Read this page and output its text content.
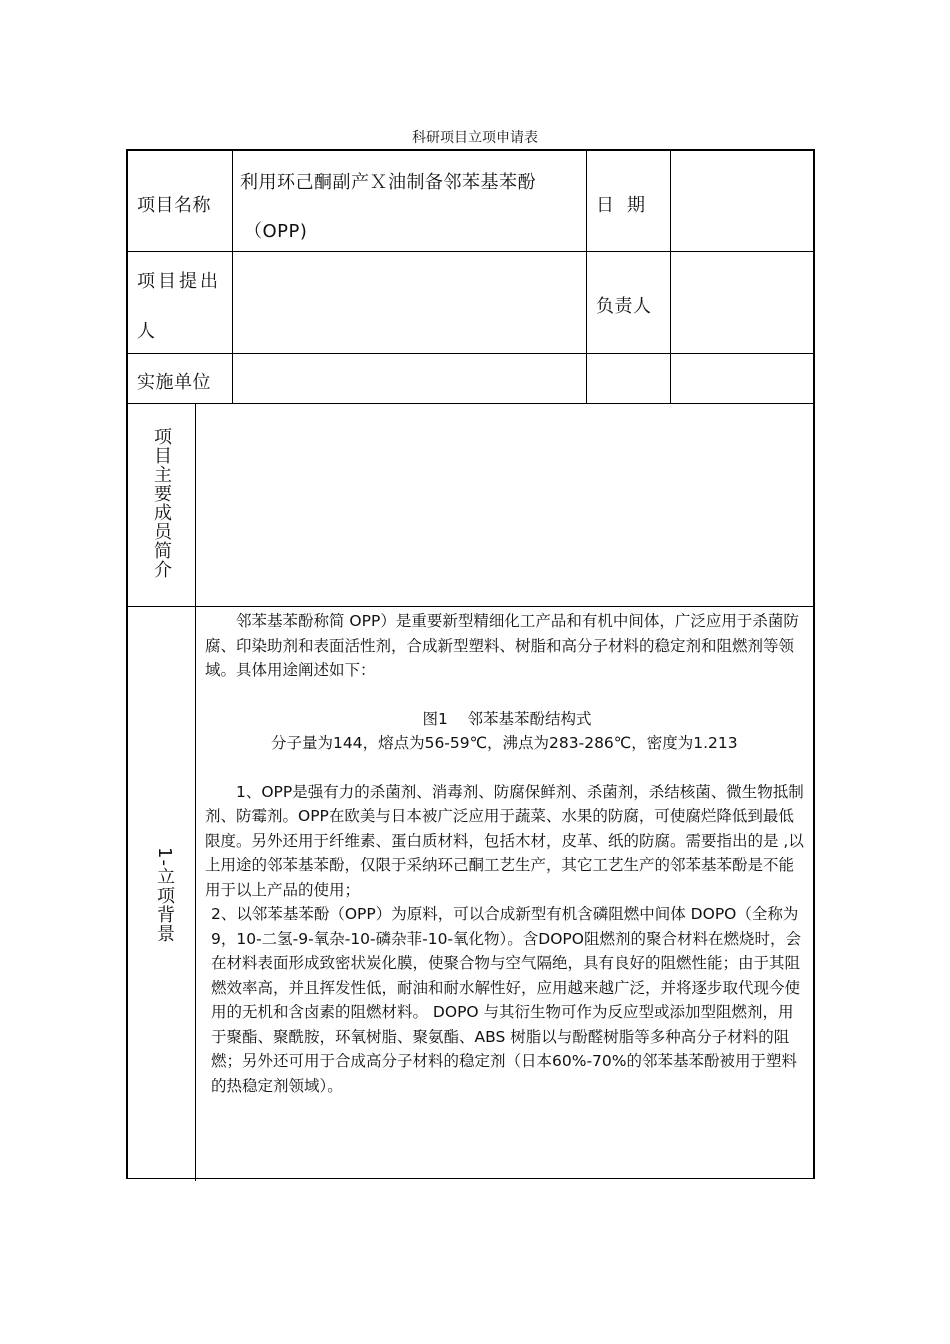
科研项目立项申请表
项目名称
利用环己酮副产Ｘ油制备邻苯基苯酚
（OPP)
日  期
项目提出
人
负责人
实施单位
项目主要成员简介
1-立项背景

邻苯基苯酚称简 OPP）是重要新型精细化工产品和有机中间体，广泛应用于杀菌防腐、印染助剂和表面活性剂，合成新型塑料、树脂和高分子材料的稳定剂和阻燃剂等领域。具体用途阐述如下：

图1    邻苯基苯酚结构式

分子量为144，熔点为56-59℃，沸点为283-286℃，密度为1.213

1、OPP是强有力的杀菌剂、消毒剂、防腐保鲜剂、杀菌剂，杀结核菌、微生物抵制剂、防霉剂。OPP在欧美与日本被广泛应用于蔬菜、水果的防腐，可使腐烂降低到最低限度。另外还用于纤维素、蛋白质材料，包括木材，皮革、纸的防腐。需要指出的是 ,以上用途的邻苯基苯酚，仅限于采纳环己酮工艺生产，其它工艺生产的邻苯基苯酚是不能用于以上产品的使用；

2、以邻苯基苯酚（OPP）为原料，可以合成新型有机含磷阻燃中间体 DOPO（全称为 9，10-二氢-9-氧杂-10-磷杂菲-10-氧化物）。含DOPO阻燃剂的聚合材料在燃烧时，会在材料表面形成致密状炭化膜，使聚合物与空气隔绝，具有良好的阻燃性能；由于其阻燃效率高，并且挥发性低，耐油和耐水解性好，应用越来越广泛，并将逐步取代现今使用的无机和含卤素的阻燃材料。 DOPO 与其衍生物可作为反应型或添加型阻燃剂，用于聚酯、聚酰胺，环氧树脂、聚氨酯、ABS 树脂以与酚醛树脂等多种高分子材料的阻燃；另外还可用于合成高分子材料的稳定剂（日本60%-70%的邻苯基苯酚被用于塑料的热稳定剂领域）。
